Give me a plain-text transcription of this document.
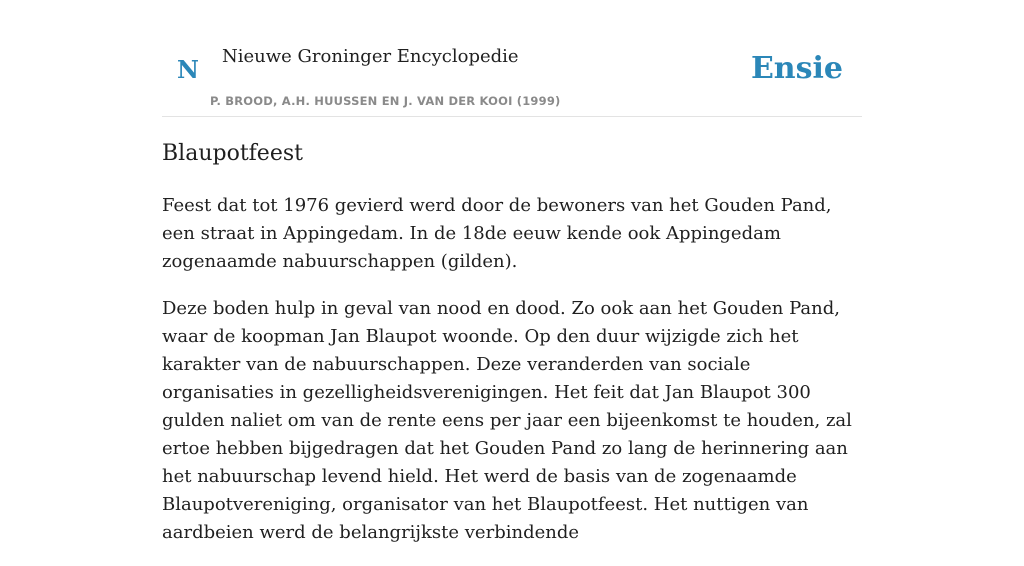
N Nieuwe Groninger Encyclopedie
P. BROOD, A.H. HUUSSEN EN J. VAN DER KOOI (1999)
Ensie
Blaupotfeest

Feest dat tot 1976 gevierd werd door de bewoners van het Gouden Pand, een straat in Appingedam. In de 18de eeuw kende ook Appingedam zogenaamde nabuurschappen (gilden).

Deze boden hulp in geval van nood en dood. Zo ook aan het Gouden Pand, waar de koopman Jan Blaupot woonde. Op den duur wijzigde zich het karakter van de nabuurschappen. Deze veranderden van sociale organisaties in gezelligheidsverenigingen. Het feit dat Jan Blaupot 300 gulden naliet om van de rente eens per jaar een bijeenkomst te houden, zal ertoe hebben bijgedragen dat het Gouden Pand zo lang de herinnering aan het nabuurschap levend hield. Het werd de basis van de zogenaamde Blaupotvereniging, organisator van het Blaupotfeest. Het nuttigen van aardbeien werd de belangrijkste verbindende
